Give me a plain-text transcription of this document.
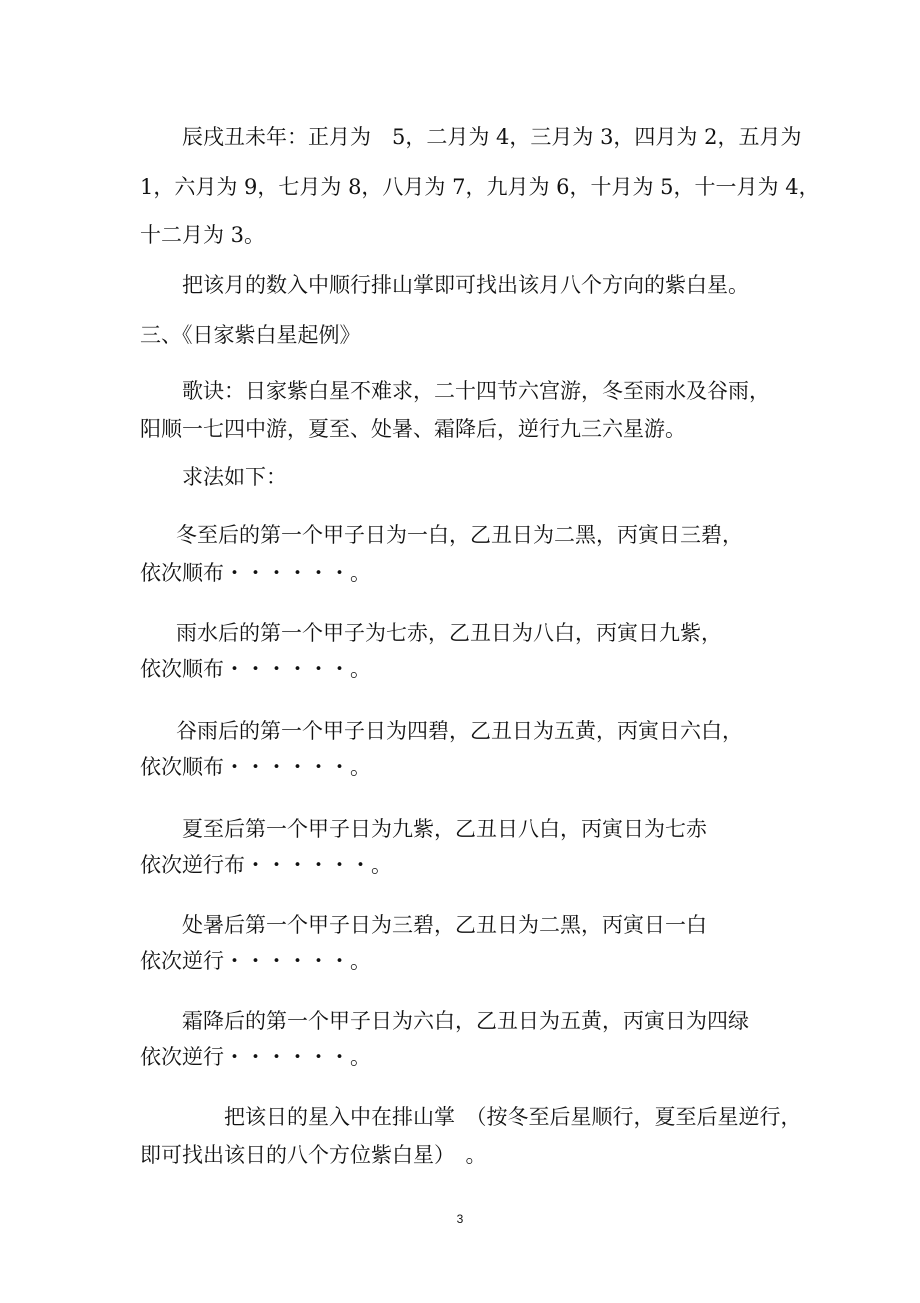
辰戌丑未年：正月为　5，二月为 4，三月为 3，四月为 2，五月为
1，六月为 9，七月为 8，八月为 7，九月为 6，十月为 5，十一月为 4，
十二月为 3。
把该月的数入中顺行排山掌即可找出该月八个方向的紫白星。
三、《日家紫白星起例》
歌诀：日家紫白星不难求，二十四节六宫游，冬至雨水及谷雨，
阳顺一七四中游，夏至、处暑、霜降后，逆行九三六星游。
求法如下：
冬至后的第一个甲子日为一白，乙丑日为二黑，丙寅日三碧，
依次顺布・・・・・・。
雨水后的第一个甲子为七赤，乙丑日为八白，丙寅日九紫，
依次顺布・・・・・・。
谷雨后的第一个甲子日为四碧，乙丑日为五黄，丙寅日六白，
依次顺布・・・・・・。
夏至后第一个甲子日为九紫，乙丑日八白，丙寅日为七赤
依次逆行布・・・・・・。
处暑后第一个甲子日为三碧，乙丑日为二黑，丙寅日一白
依次逆行・・・・・・。
霜降后的第一个甲子日为六白，乙丑日为五黄，丙寅日为四绿
依次逆行・・・・・・。
把该日的星入中在排山掌　（按冬至后星顺行，夏至后星逆行，
即可找出该日的八个方位紫白星）　。
3
